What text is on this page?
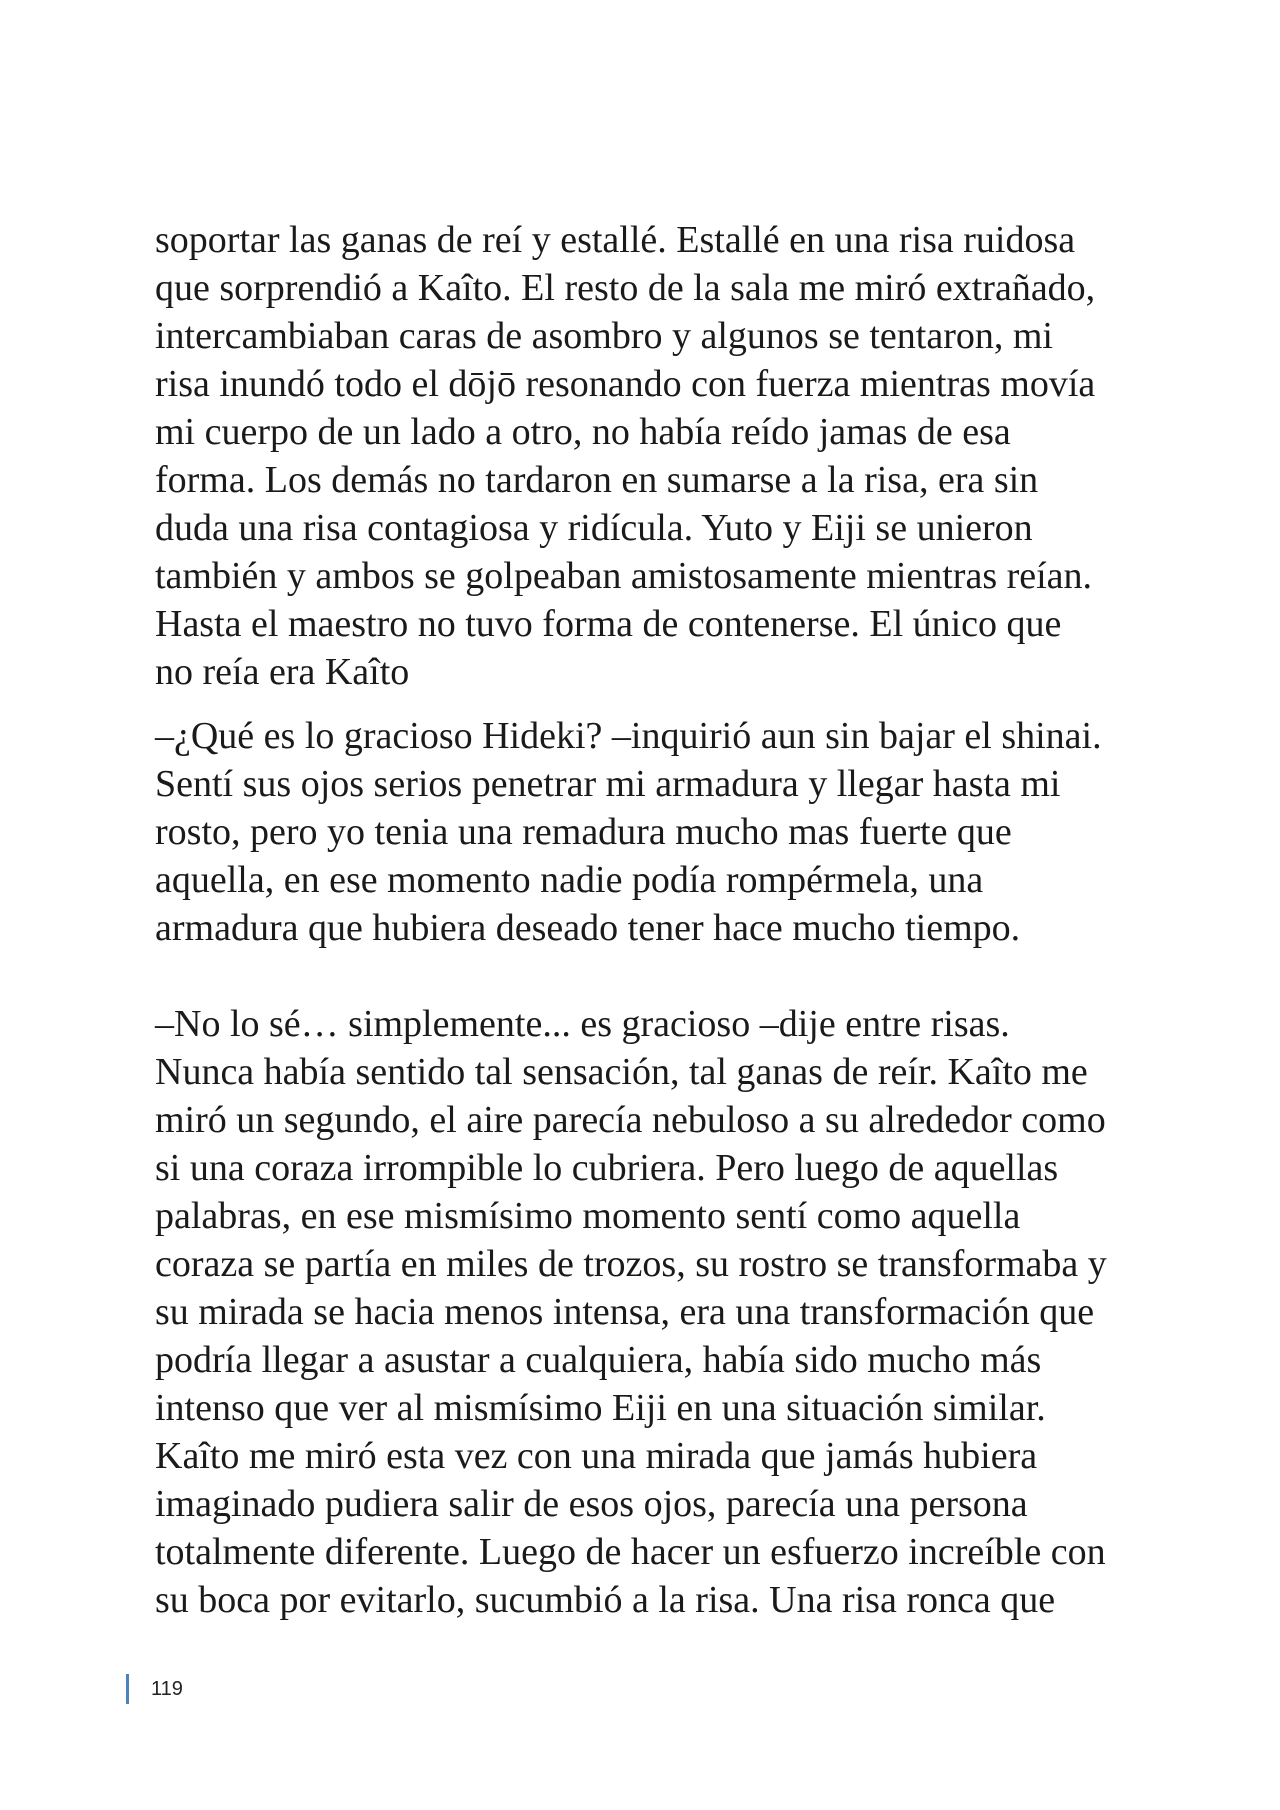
soportar las ganas de reí y estallé. Estallé en una risa ruidosa
que sorprendió a Kaîto. El resto de la sala me miró extrañado,
intercambiaban caras de asombro y algunos se tentaron, mi
risa inundó todo el dōjō resonando con fuerza mientras movía
mi cuerpo de un lado a otro, no había reído jamas de esa
forma. Los demás no tardaron en sumarse a la risa, era sin
duda una risa contagiosa y ridícula. Yuto y Eiji se unieron
también y ambos se golpeaban amistosamente mientras reían.
Hasta el maestro no tuvo forma de contenerse. El único que
no reía era Kaîto
–¿Qué es lo gracioso Hideki? –inquirió aun sin bajar el shinai.
Sentí sus ojos serios penetrar mi armadura y llegar hasta mi
rosto, pero yo tenia una remadura mucho mas fuerte que
aquella, en ese momento nadie podía rompérmela, una
armadura que hubiera deseado tener hace mucho tiempo.
–No lo sé… simplemente... es gracioso –dije entre risas.
Nunca había sentido tal sensación, tal ganas de reír. Kaîto me
miró un segundo, el aire parecía nebuloso a su alrededor como
si una coraza irrompible lo cubriera. Pero luego de aquellas
palabras, en ese mismísimo momento sentí como aquella
coraza se partía en miles de trozos, su rostro se transformaba y
su mirada se hacia menos intensa, era una transformación que
podría llegar a asustar a cualquiera, había sido mucho más
intenso que ver al mismísimo Eiji en una situación similar.
Kaîto me miró esta vez con una mirada que jamás hubiera
imaginado pudiera salir de esos ojos, parecía una persona
totalmente diferente. Luego de hacer un esfuerzo increíble con
su boca por evitarlo, sucumbió a la risa. Una risa ronca que
119
